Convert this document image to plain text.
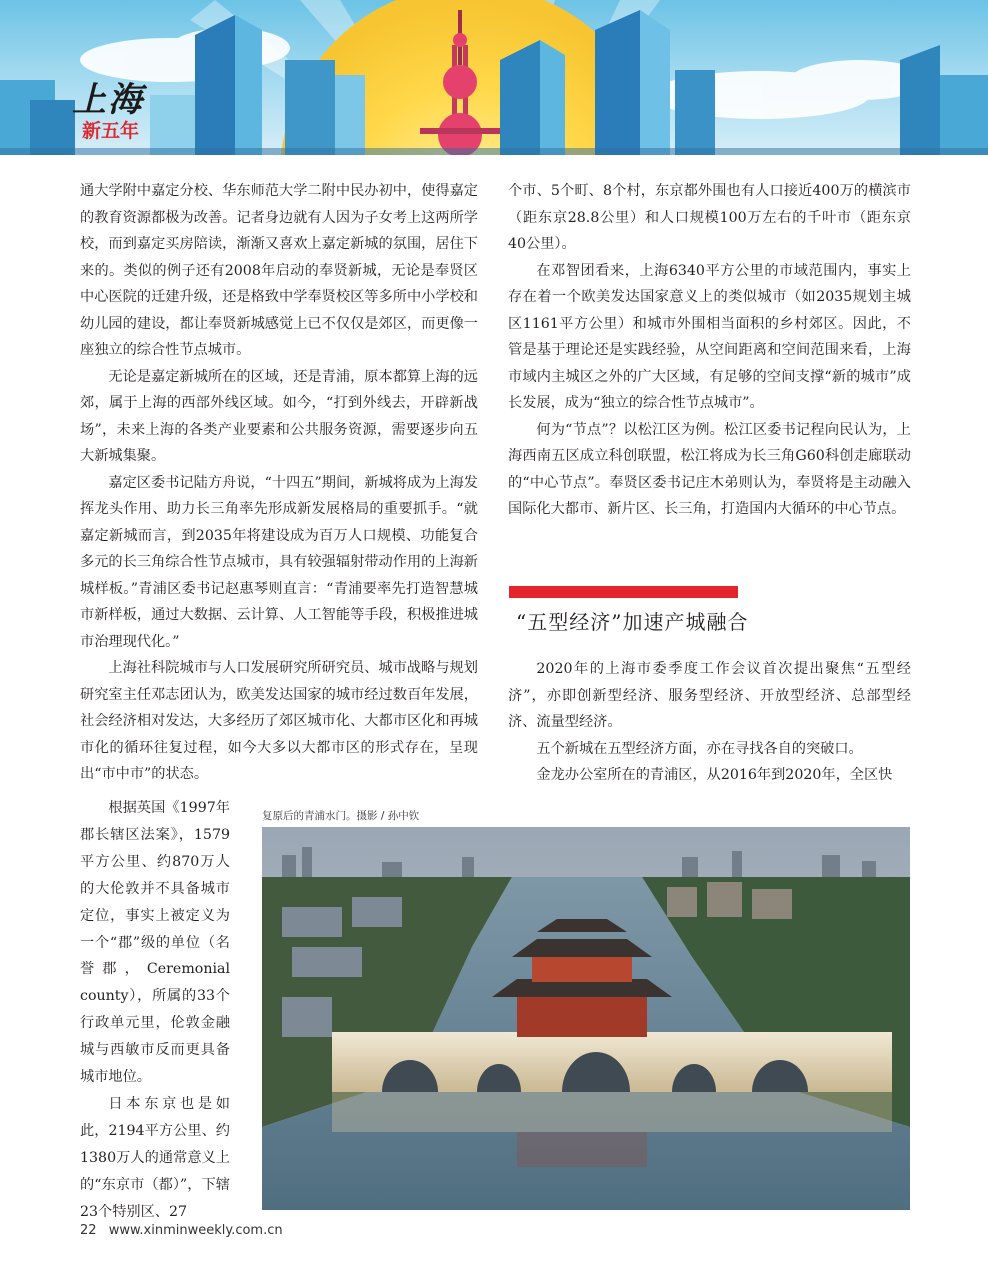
上海
新五年

通大学附中嘉定分校、华东师范大学二附中民办初中，使得嘉定的教育资源都极为改善。记者身边就有人因为子女考上这两所学校，而到嘉定买房陪读，渐渐又喜欢上嘉定新城的氛围，居住下来的。类似的例子还有2008年启动的奉贤新城，无论是奉贤区中心医院的迁建升级，还是格致中学奉贤校区等多所中小学校和幼儿园的建设，都让奉贤新城感觉上已不仅仅是郊区，而更像一座独立的综合性节点城市。

无论是嘉定新城所在的区域，还是青浦，原本都算上海的远郊，属于上海的西部外线区域。如今，“打到外线去，开辟新战场”，未来上海的各类产业要素和公共服务资源，需要逐步向五大新城集聚。

嘉定区委书记陆方舟说，“十四五”期间，新城将成为上海发挥龙头作用、助力长三角率先形成新发展格局的重要抓手。“就嘉定新城而言，到2035年将建设成为百万人口规模、功能复合多元的长三角综合性节点城市，具有较强辐射带动作用的上海新城样板。”青浦区委书记赵惠琴则直言：“青浦要率先打造智慧城市新样板，通过大数据、云计算、人工智能等手段，积极推进城市治理现代化。”

上海社科院城市与人口发展研究所研究员、城市战略与规划研究室主任邓志团认为，欧美发达国家的城市经过数百年发展，社会经济相对发达，大多经历了郊区城市化、大都市区化和再城市化的循环往复过程，如今大多以大都市区的形式存在，呈现出“市中市”的状态。

根据英国《1997年郡长辖区法案》，1579平方公里、约870万人的大伦敦并不具备城市定位，事实上被定义为一个“郡”级的单位（名誉郡，Ceremonial county），所属的33个行政单元里，伦敦金融城与西敏市反而更具备城市地位。

日本东京也是如此，2194平方公里、约1380万人的通常意义上的“东京市（都）”，下辖23个特别区、27

个市、5个町、8个村，东京都外围也有人口接近400万的横滨市（距东京28.8公里）和人口规模100万左右的千叶市（距东京40公里）。

在邓智团看来，上海6340平方公里的市域范围内，事实上存在着一个欧美发达国家意义上的类似城市（如2035规划主城区1161平方公里）和城市外围相当面积的乡村郊区。因此，不管是基于理论还是实践经验，从空间距离和空间范围来看，上海市域内主城区之外的广大区域，有足够的空间支撑“新的城市”成长发展，成为“独立的综合性节点城市”。

何为“节点”？以松江区为例。松江区委书记程向民认为，上海西南五区成立科创联盟，松江将成为长三角G60科创走廊联动的“中心节点”。奉贤区委书记庄木弟则认为，奉贤将是主动融入国际化大都市、新片区、长三角，打造国内大循环的中心节点。

“五型经济”加速产城融合

2020年的上海市委季度工作会议首次提出聚焦“五型经济”，亦即创新型经济、服务型经济、开放型经济、总部型经济、流量型经济。

五个新城在五型经济方面，亦在寻找各自的突破口。

金龙办公室所在的青浦区，从2016年到2020年，全区快

复原后的青浦水门。摄影 / 孙中钦
22 www.xinminweekly.com.cn
